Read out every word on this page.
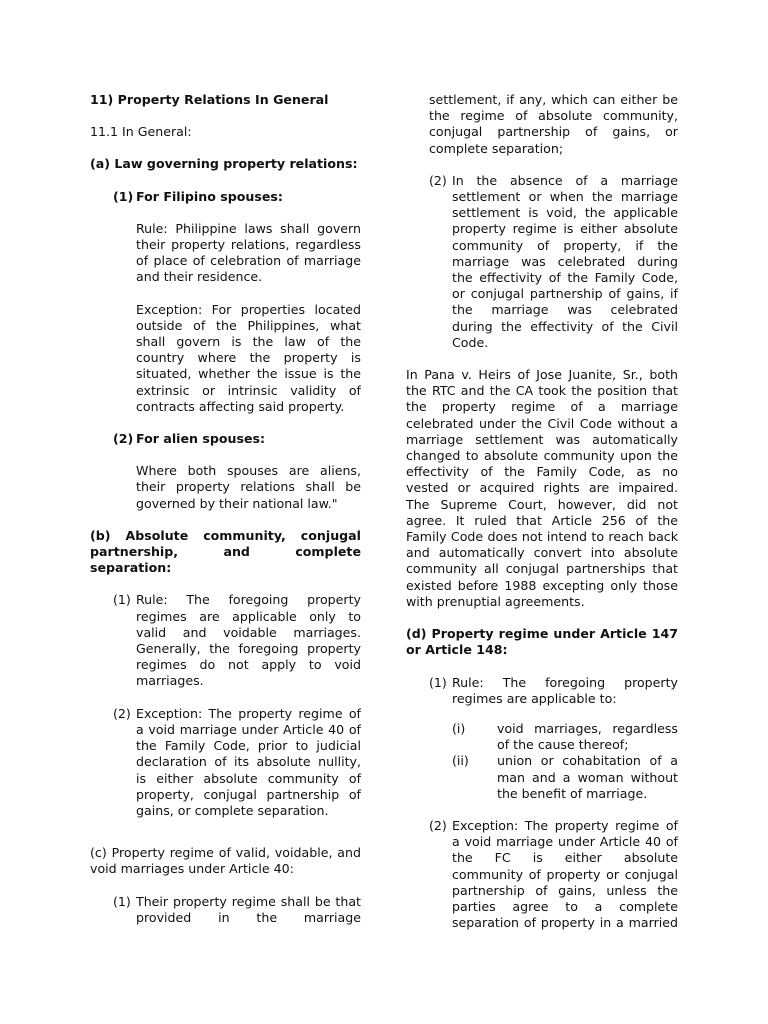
11) Property Relations In General

11.1 In General:

(a) Law governing property relations:

(1) For Filipino spouses:

Rule: Philippine laws shall govern their property relations, regardless of place of celebration of marriage and their residence.

Exception: For properties located outside of the Philippines, what shall govern is the law of the country where the property is situated, whether the issue is the extrinsic or intrinsic validity of contracts affecting said property.

(2) For alien spouses:

Where both spouses are aliens, their property relations shall be governed by their national law."

(b) Absolute community, conjugal partnership, and complete separation:

(1) Rule: The foregoing property regimes are applicable only to valid and voidable marriages. Generally, the foregoing property regimes do not apply to void marriages.
(2) Exception: The property regime of a void marriage under Article 40 of the Family Code, prior to judicial declaration of its absolute nullity, is either absolute community of property, conjugal partnership of gains, or complete separation.

(c) Property regime of valid, voidable, and void marriages under Article 40:

(1) Their property regime shall be that provided in the marriage

settlement, if any, which can either be the regime of absolute community, conjugal partnership of gains, or complete separation;

(2) In the absence of a marriage settlement or when the marriage settlement is void, the applicable property regime is either absolute community of property, if the marriage was celebrated during the effectivity of the Family Code, or conjugal partnership of gains, if the marriage was celebrated during the effectivity of the Civil Code.

In Pana v. Heirs of Jose Juanite, Sr., both the RTC and the CA took the position that the property regime of a marriage celebrated under the Civil Code without a marriage settlement was automatically changed to absolute community upon the effectivity of the Family Code, as no vested or acquired rights are impaired. The Supreme Court, however, did not agree. It ruled that Article 256 of the Family Code does not intend to reach back and automatically convert into absolute community all conjugal partnerships that existed before 1988 excepting only those with prenuptial agreements.

(d) Property regime under Article 147 or Article 148:

(1) Rule: The foregoing property regimes are applicable to:
(i)	void marriages, regardless of the cause thereof;
(ii)	union or cohabitation of a man and a woman without the benefit of marriage.
(2) Exception: The property regime of a void marriage under Article 40 of the FC is either absolute community of property or conjugal partnership of gains, unless the parties agree to a complete separation of property in a married
